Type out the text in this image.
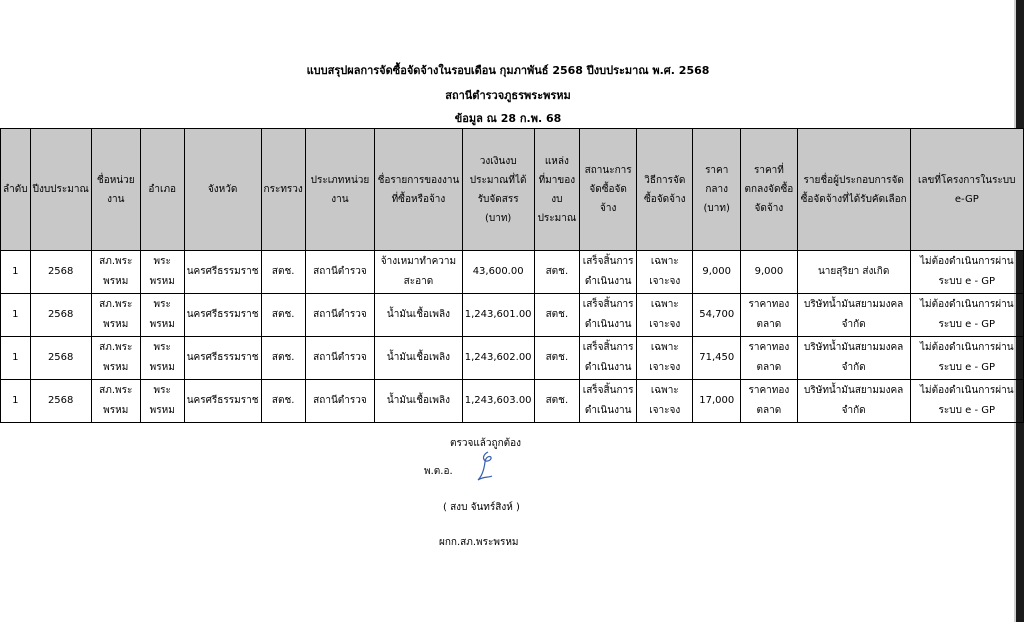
แบบสรุปผลการจัดซื้อจัดจ้างในรอบเดือน กุมภาพันธ์ 2568 ปีงบประมาณ พ.ศ. 2568
สถานีตำรวจภูธรพระพรหม
ข้อมูล ณ 28 ก.พ. 68
ลำดับ	ปีงบประมาณ	ชื่อหน่วยงาน	อำเภอ	จังหวัด	กระทรวง	ประเภทหน่วยงาน	ชื่อรายการของงานที่ซื้อหรือจ้าง	วงเงินงบประมาณที่ได้รับจัดสรร (บาท)	แหล่งที่มาของงบประมาณ	สถานะการจัดซื้อจัดจ้าง	วิธีการจัดซื้อจัดจ้าง	ราคากลาง (บาท)	ราคาที่ตกลงจัดซื้อจัดจ้าง	รายชื่อผู้ประกอบการจัดซื้อจัดจ้างที่ได้รับคัดเลือก	เลขที่โครงการในระบบ e-GP
1	2568	สภ.พระพรหม	พระพรหม	นครศรีธรรมราช	สตช.	สถานีตำรวจ	จ้างเหมาทำความสะอาด	43,600.00	สตช.	เสร็จสิ้นการดำเนินงาน	เฉพาะเจาะจง	9,000	9,000	นายสุริยา ส่งเกิด	ไม่ต้องดำเนินการผ่านระบบ e - GP
1	2568	สภ.พระพรหม	พระพรหม	นครศรีธรรมราช	สตช.	สถานีตำรวจ	น้ำมันเชื้อเพลิง	1,243,601.00	สตช.	เสร็จสิ้นการดำเนินงาน	เฉพาะเจาะจง	54,700	ราคาทองตลาด	บริษัทน้ำมันสยามมงคล จำกัด	ไม่ต้องดำเนินการผ่านระบบ e - GP
1	2568	สภ.พระพรหม	พระพรหม	นครศรีธรรมราช	สตช.	สถานีตำรวจ	น้ำมันเชื้อเพลิง	1,243,602.00	สตช.	เสร็จสิ้นการดำเนินงาน	เฉพาะเจาะจง	71,450	ราคาทองตลาด	บริษัทน้ำมันสยามมงคล จำกัด	ไม่ต้องดำเนินการผ่านระบบ e - GP
1	2568	สภ.พระพรหม	พระพรหม	นครศรีธรรมราช	สตช.	สถานีตำรวจ	น้ำมันเชื้อเพลิง	1,243,603.00	สตช.	เสร็จสิ้นการดำเนินงาน	เฉพาะเจาะจง	17,000	ราคาทองตลาด	บริษัทน้ำมันสยามมงคล จำกัด	ไม่ต้องดำเนินการผ่านระบบ e - GP
ตรวจแล้วถูกต้อง
พ.ต.อ.
( สงบ จันทร์สิงห์ )
ผกก.สภ.พระพรหม
